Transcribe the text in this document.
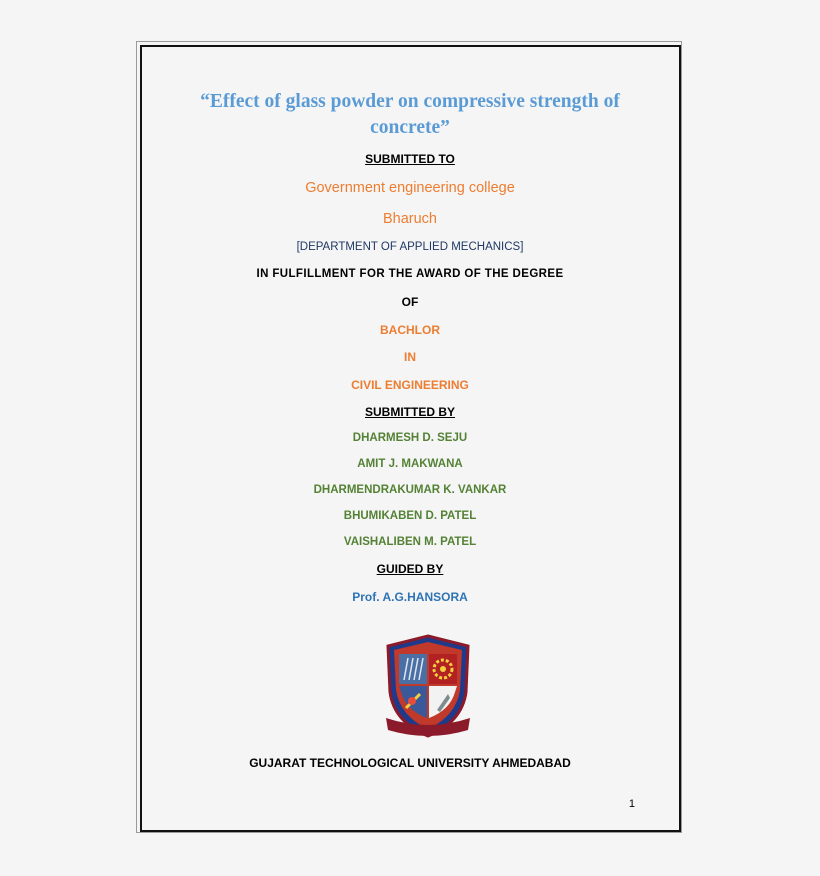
“Effect of glass powder on compressive strength of
concrete”
SUBMITTED TO
Government engineering college
Bharuch
[DEPARTMENT OF APPLIED MECHANICS]
IN FULFILLMENT FOR THE AWARD OF THE DEGREE
OF
BACHLOR
IN
CIVIL ENGINEERING
SUBMITTED BY
DHARMESH D. SEJU
AMIT J. MAKWANA
DHARMENDRAKUMAR K. VANKAR
BHUMIKABEN D. PATEL
VAISHALIBEN M. PATEL
GUIDED BY
Prof. A.G.HANSORA
GUJARAT TECHNOLOGICAL UNIVERSITY AHMEDABAD
1
